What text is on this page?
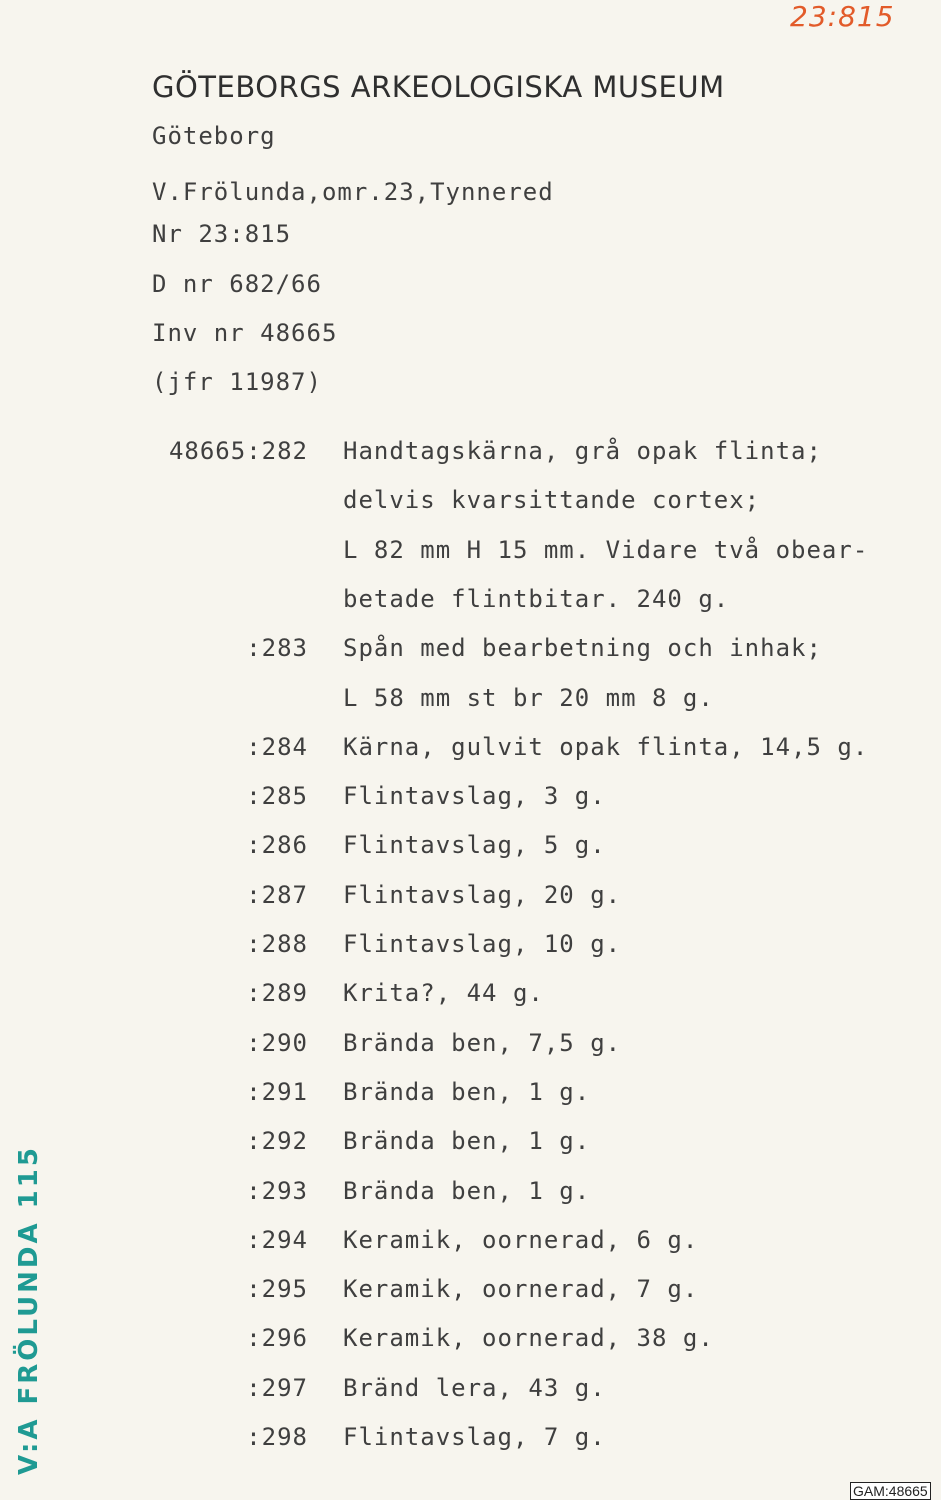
23:815
GÖTEBORGS ARKEOLOGISKA MUSEUM
Göteborg
V.Frölunda,omr.23,Tynnered
Nr 23:815
D nr 682/66
Inv nr 48665
(jfr 11987)
48665:282 Handtagskärna, grå opak flinta;
delvis kvarsittande cortex;
L 82 mm H 15 mm. Vidare två obear-
betade flintbitar. 240 g.
:283 Spån med bearbetning och inhak;
L 58 mm st br 20 mm 8 g.
:284 Kärna, gulvit opak flinta, 14,5 g.
:285 Flintavslag, 3 g.
:286 Flintavslag, 5 g.
:287 Flintavslag, 20 g.
:288 Flintavslag, 10 g.
:289 Krita?, 44 g.
:290 Brända ben, 7,5 g.
:291 Brända ben, 1 g.
:292 Brända ben, 1 g.
:293 Brända ben, 1 g.
:294 Keramik, oornerad, 6 g.
:295 Keramik, oornerad, 7 g.
:296 Keramik, oornerad, 38 g.
:297 Bränd lera, 43 g.
:298 Flintavslag, 7 g.
V:A FRÖLUNDA 115
GAM:48665
